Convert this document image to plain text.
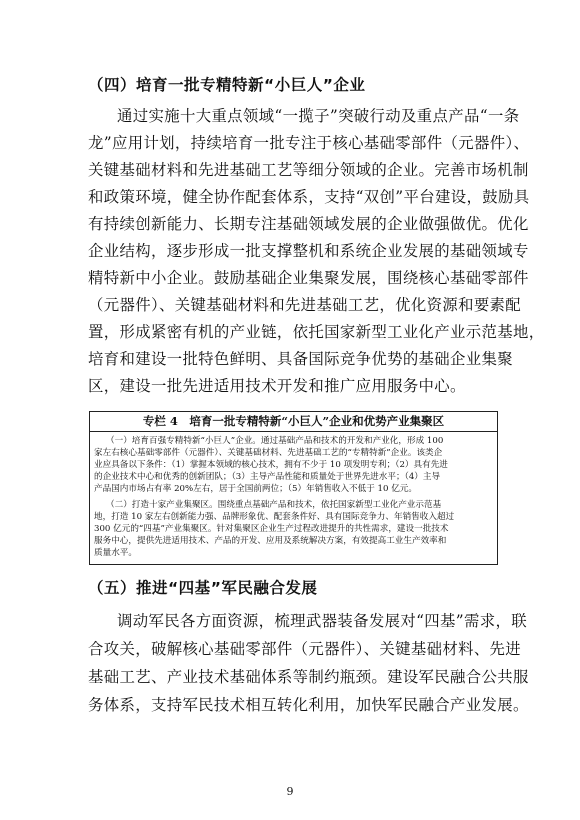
（四）培育一批专精特新“小巨人”企业
通过实施十大重点领域“一揽子”突破行动及重点产品“一条
龙”应用计划，持续培育一批专注于核心基础零部件（元器件）、
关键基础材料和先进基础工艺等细分领域的企业。完善市场机制
和政策环境，健全协作配套体系，支持“双创”平台建设，鼓励具
有持续创新能力、长期专注基础领域发展的企业做强做优。优化
企业结构，逐步形成一批支撑整机和系统企业发展的基础领域专
精特新中小企业。鼓励基础企业集聚发展，围绕核心基础零部件
（元器件）、关键基础材料和先进基础工艺，优化资源和要素配
置，形成紧密有机的产业链，依托国家新型工业化产业示范基地，
培育和建设一批特色鲜明、具备国际竞争优势的基础企业集聚
区，建设一批先进适用技术开发和推广应用服务中心。
专栏 4　培育一批专精特新“小巨人”企业和优势产业集聚区
（一）培育百强专精特新“小巨人”企业。通过基础产品和技术的开发和产业化，形成 100
家左右核心基础零部件（元器件）、关键基础材料、先进基础工艺的“专精特新”企业。该类企
业应具备以下条件：（1）掌握本领域的核心技术，拥有不少于 10 项发明专利；（2）具有先进
的企业技术中心和优秀的创新团队；（3）主导产品性能和质量处于世界先进水平；（4）主导
产品国内市场占有率 20%左右，居于全国前两位；（5）年销售收入不低于 10 亿元。
（二）打造十家产业集聚区。围绕重点基础产品和技术，依托国家新型工业化产业示范基
地，打造 10 家左右创新能力强、品牌形象优、配套条件好、具有国际竞争力、年销售收入超过
300 亿元的“四基”产业集聚区。针对集聚区企业生产过程改进提升的共性需求，建设一批技术
服务中心，提供先进适用技术、产品的开发、应用及系统解决方案，有效提高工业生产效率和
质量水平。
（五）推进“四基”军民融合发展
调动军民各方面资源，梳理武器装备发展对“四基”需求，联
合攻关，破解核心基础零部件（元器件）、关键基础材料、先进
基础工艺、产业技术基础体系等制约瓶颈。建设军民融合公共服
务体系，支持军民技术相互转化利用，加快军民融合产业发展。
9
